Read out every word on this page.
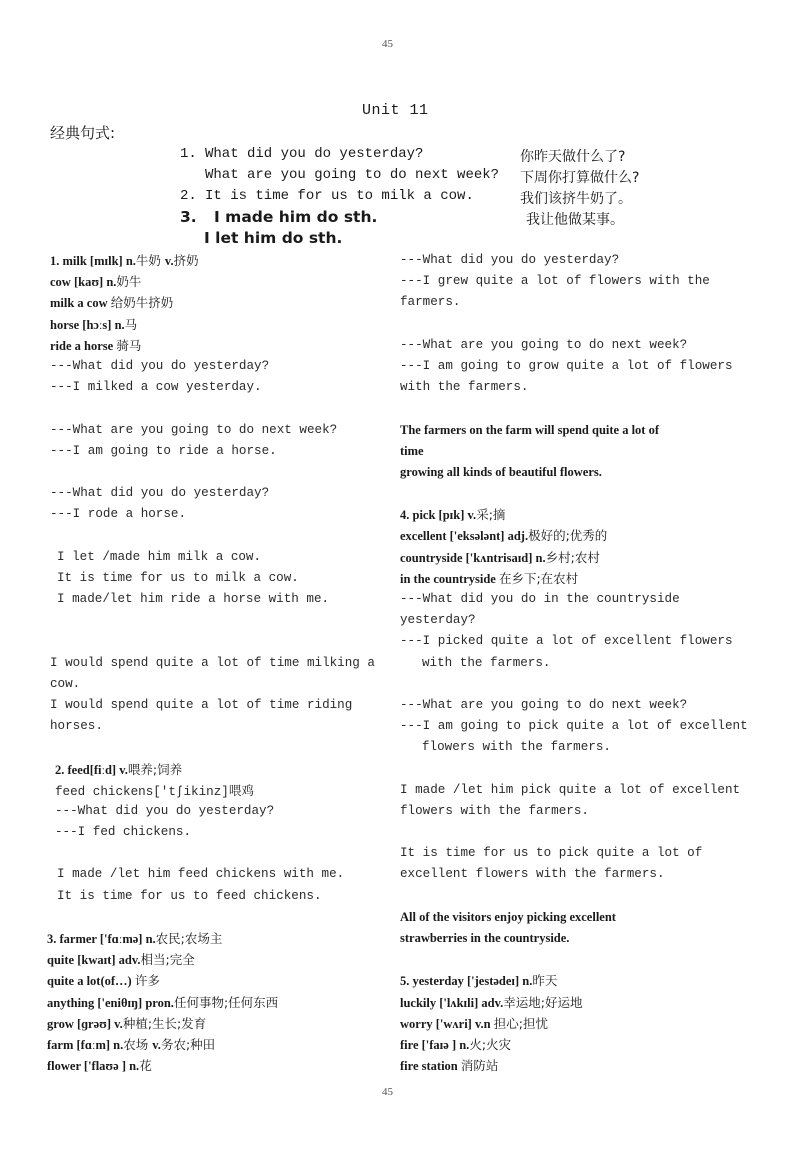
45
45
Unit 11
经典句式:
1. What did you do yesterday?	你昨天做什么了?
What are you going to do next week? 下周你打算做什么?
2. It is time for us to milk a cow.	我们该挤牛奶了。
3. I made him do sth.	我让他做某事。
I let him do sth.
1. milk [mɪlk] n.牛奶 v.挤奶
cow [kaʊ] n.奶牛
milk a cow 给奶牛挤奶
horse [hɔːs] n.马
ride a horse 骑马
---What did you do yesterday?
---I milked a cow yesterday.
---What are you going to do next week?
---I am going to ride a horse.
---What did you do yesterday?
---I rode a horse.
I let /made him milk a cow.
It is time for us to milk a cow.
I made/let him ride a horse with me.
I would spend quite a lot of time milking a
cow.
I would spend quite a lot of time riding
horses.
2. feed[fiːd] v.喂养;饲养
feed chickens['tʃikinz]喂鸡
---What did you do yesterday?
---I fed chickens.
I made /let him feed chickens with me.
It is time for us to feed chickens.
3. farmer ['fɑːmə] n.农民;农场主
quite [kwaɪt] adv.相当;完全
quite a lot(of…) 许多
anything ['eniθɪŋ] pron.任何事物;任何东西
grow [ɡrəʊ] v.种植;生长;发育
farm [fɑːm] n.农场 v.务农;种田
flower ['flaʊə ] n.花
---What did you do yesterday?
---I grew quite a lot of flowers with the
farmers.
---What are you going to do next week?
---I am going to grow quite a lot of flowers
with the farmers.
The farmers on the farm will spend quite a lot of
time
growing all kinds of beautiful flowers.
4. pick [pɪk] v.采;摘
excellent ['eksələnt] adj.极好的;优秀的
countryside ['kʌntrisaɪd] n.乡村;农村
in the countryside 在乡下;在农村
---What did you do in the countryside
yesterday?
---I picked quite a lot of excellent flowers
with the farmers.
---What are you going to do next week?
---I am going to pick quite a lot of excellent
flowers with the farmers.
I made /let him pick quite a lot of excellent
flowers with the farmers.
It is time for us to pick quite a lot of
excellent flowers with the farmers.
All of the visitors enjoy picking excellent
strawberries in the countryside.
5. yesterday ['jestədeɪ] n.昨天
luckily ['lʌkɪli] adv.幸运地;好运地
worry ['wʌri] v.n 担心;担忧
fire ['faɪə ] n.火;火灾
fire station 消防站
